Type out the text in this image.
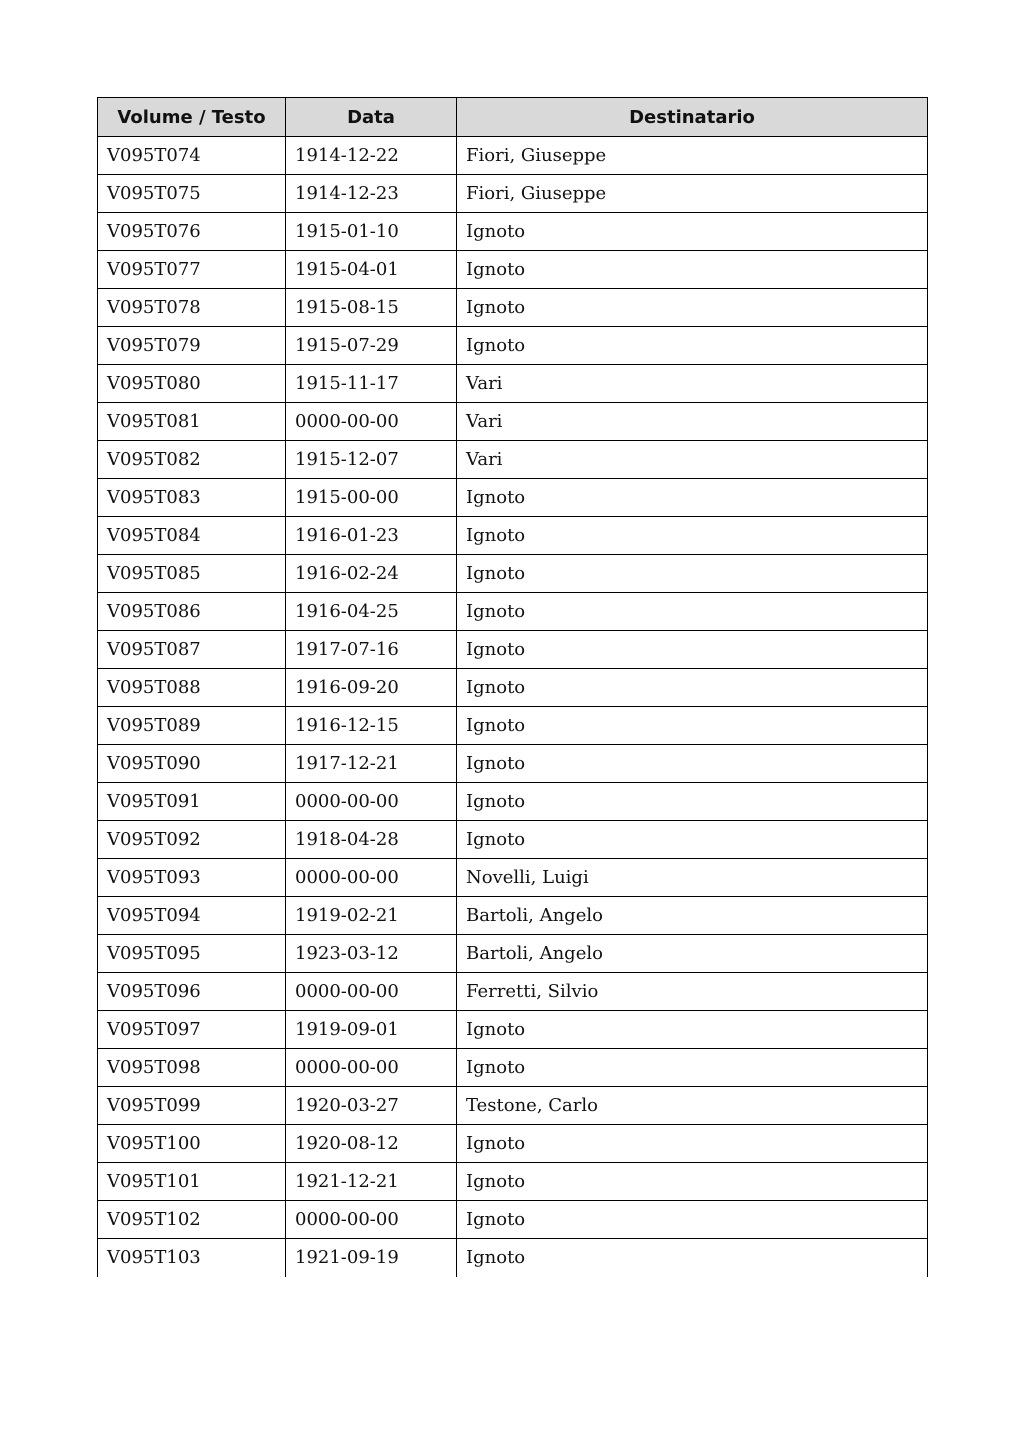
Volume / Testo	Data	Destinatario
V095T074	1914-12-22	Fiori, Giuseppe
V095T075	1914-12-23	Fiori, Giuseppe
V095T076	1915-01-10	Ignoto
V095T077	1915-04-01	Ignoto
V095T078	1915-08-15	Ignoto
V095T079	1915-07-29	Ignoto
V095T080	1915-11-17	Vari
V095T081	0000-00-00	Vari
V095T082	1915-12-07	Vari
V095T083	1915-00-00	Ignoto
V095T084	1916-01-23	Ignoto
V095T085	1916-02-24	Ignoto
V095T086	1916-04-25	Ignoto
V095T087	1917-07-16	Ignoto
V095T088	1916-09-20	Ignoto
V095T089	1916-12-15	Ignoto
V095T090	1917-12-21	Ignoto
V095T091	0000-00-00	Ignoto
V095T092	1918-04-28	Ignoto
V095T093	0000-00-00	Novelli, Luigi
V095T094	1919-02-21	Bartoli, Angelo
V095T095	1923-03-12	Bartoli, Angelo
V095T096	0000-00-00	Ferretti, Silvio
V095T097	1919-09-01	Ignoto
V095T098	0000-00-00	Ignoto
V095T099	1920-03-27	Testone, Carlo
V095T100	1920-08-12	Ignoto
V095T101	1921-12-21	Ignoto
V095T102	0000-00-00	Ignoto
V095T103	1921-09-19	Ignoto
